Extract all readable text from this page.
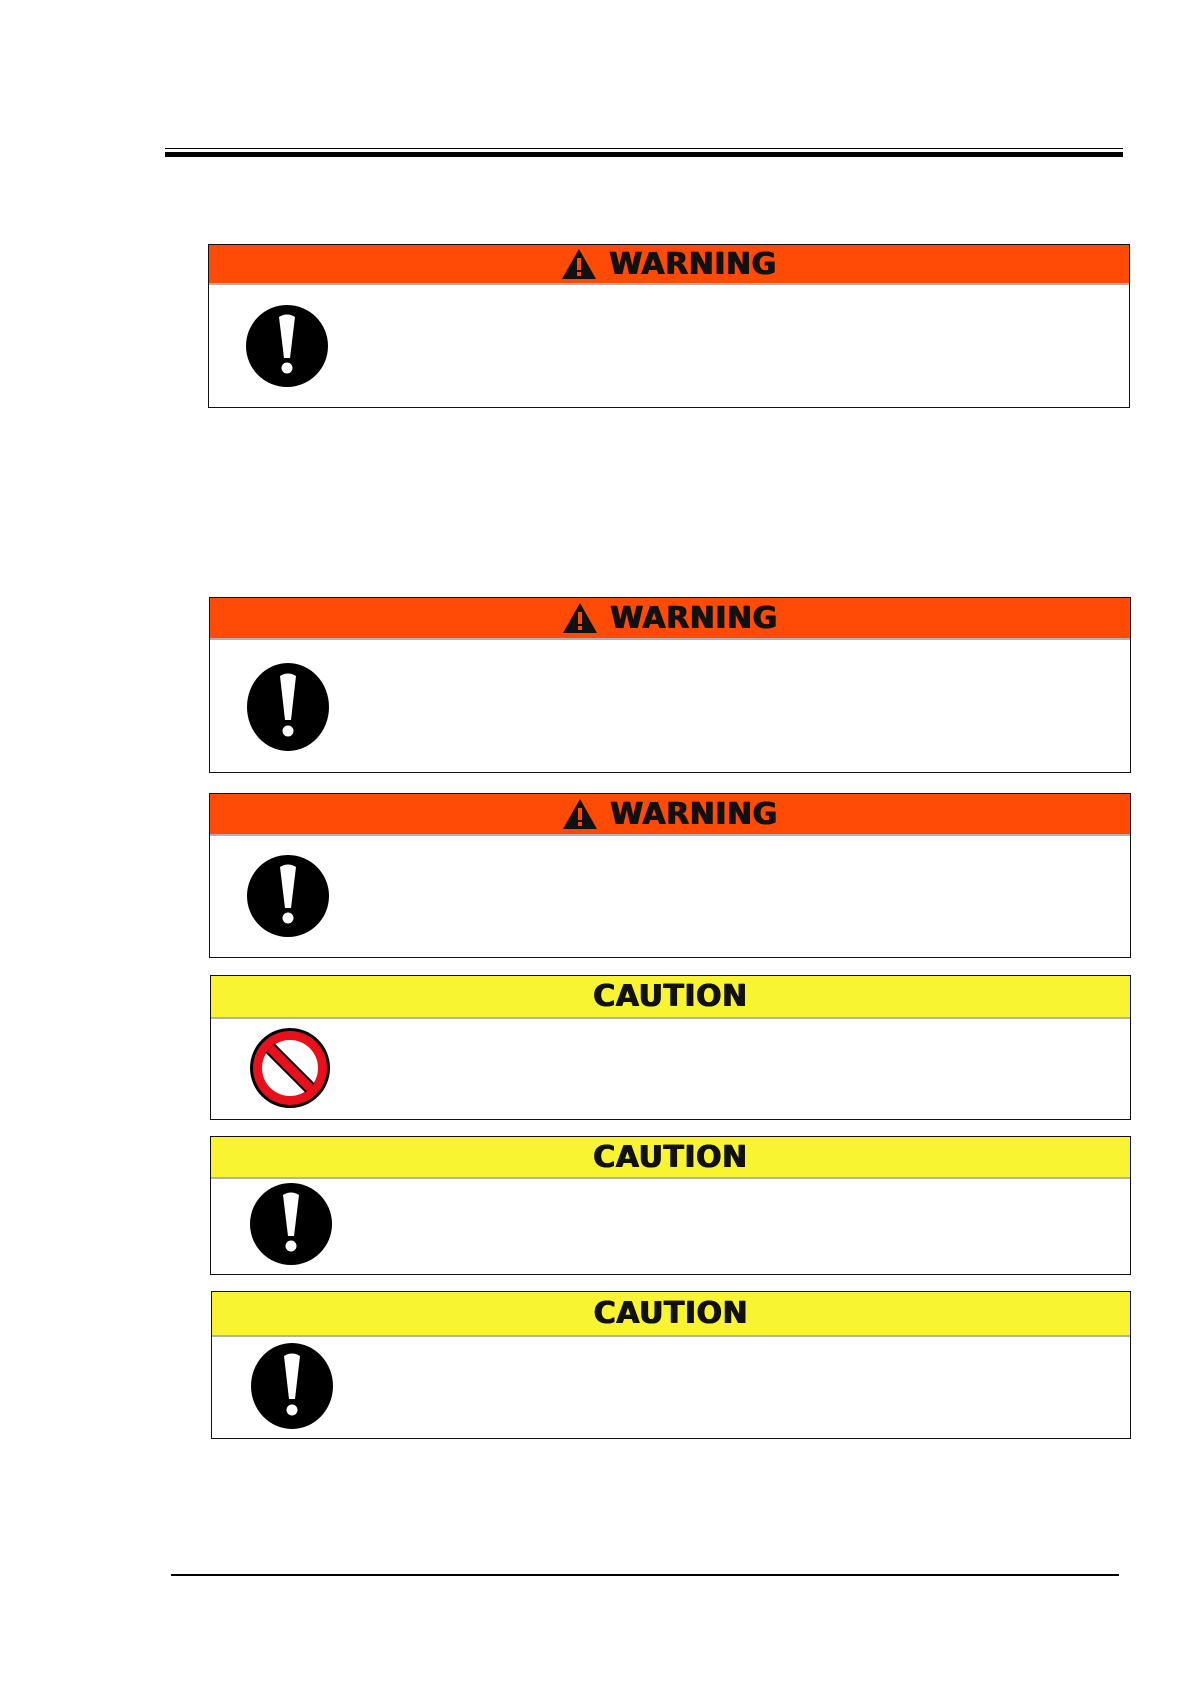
WARNING
WARNING
WARNING
CAUTION
CAUTION
CAUTION
